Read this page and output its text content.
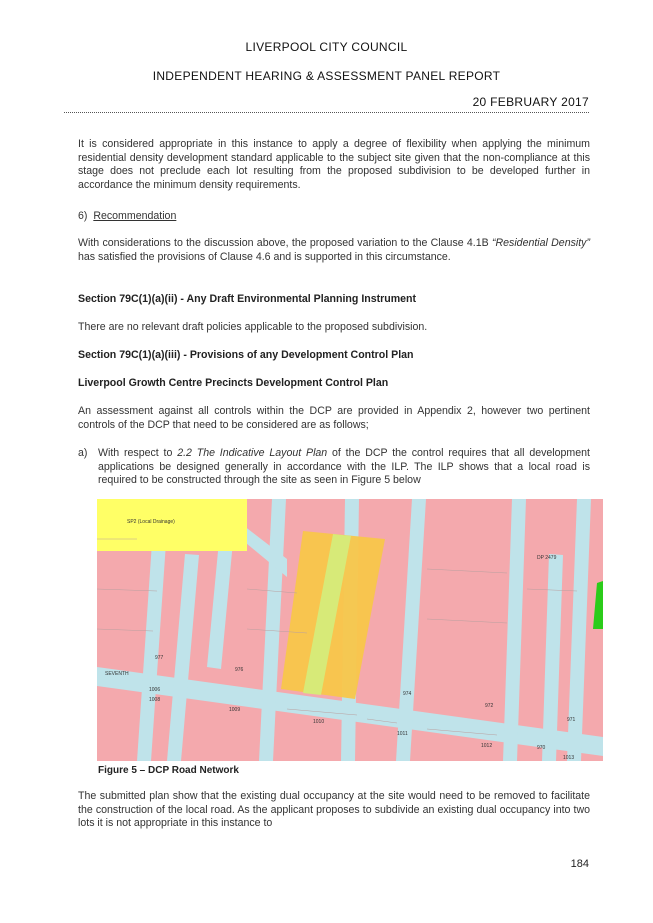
LIVERPOOL CITY COUNCIL
INDEPENDENT HEARING & ASSESSMENT PANEL REPORT
20 FEBRUARY 2017
It is considered appropriate in this instance to apply a degree of flexibility when applying the minimum residential density development standard applicable to the subject site given that the non-compliance at this stage does not preclude each lot resulting from the proposed subdivision to be developed further in accordance the minimum density requirements.
6) Recommendation
With considerations to the discussion above, the proposed variation to the Clause 4.1B “Residential Density” has satisfied the provisions of Clause 4.6 and is supported in this circumstance.
Section 79C(1)(a)(ii) - Any Draft Environmental Planning Instrument
There are no relevant draft policies applicable to the proposed subdivision.
Section 79C(1)(a)(iii) - Provisions of any Development Control Plan
Liverpool Growth Centre Precincts Development Control Plan
An assessment against all controls within the DCP are provided in Appendix 2, however two pertinent controls of the DCP that need to be considered are as follows;
a) With respect to 2.2 The Indicative Layout Plan of the DCP the control requires that all development applications be designed generally in accordance with the ILP. The ILP shows that a local road is required to be constructed through the site as seen in Figure 5 below
SP2 (Local Drainage)
DP 2479
SEVENTH
977
976
1006
1008
1009
1010
974
1011
972
1012
971
1013
970
Figure 5 – DCP Road Network
The submitted plan show that the existing dual occupancy at the site would need to be removed to facilitate the construction of the local road. As the applicant proposes to subdivide an existing dual occupancy into two lots it is not appropriate in this instance to
184
